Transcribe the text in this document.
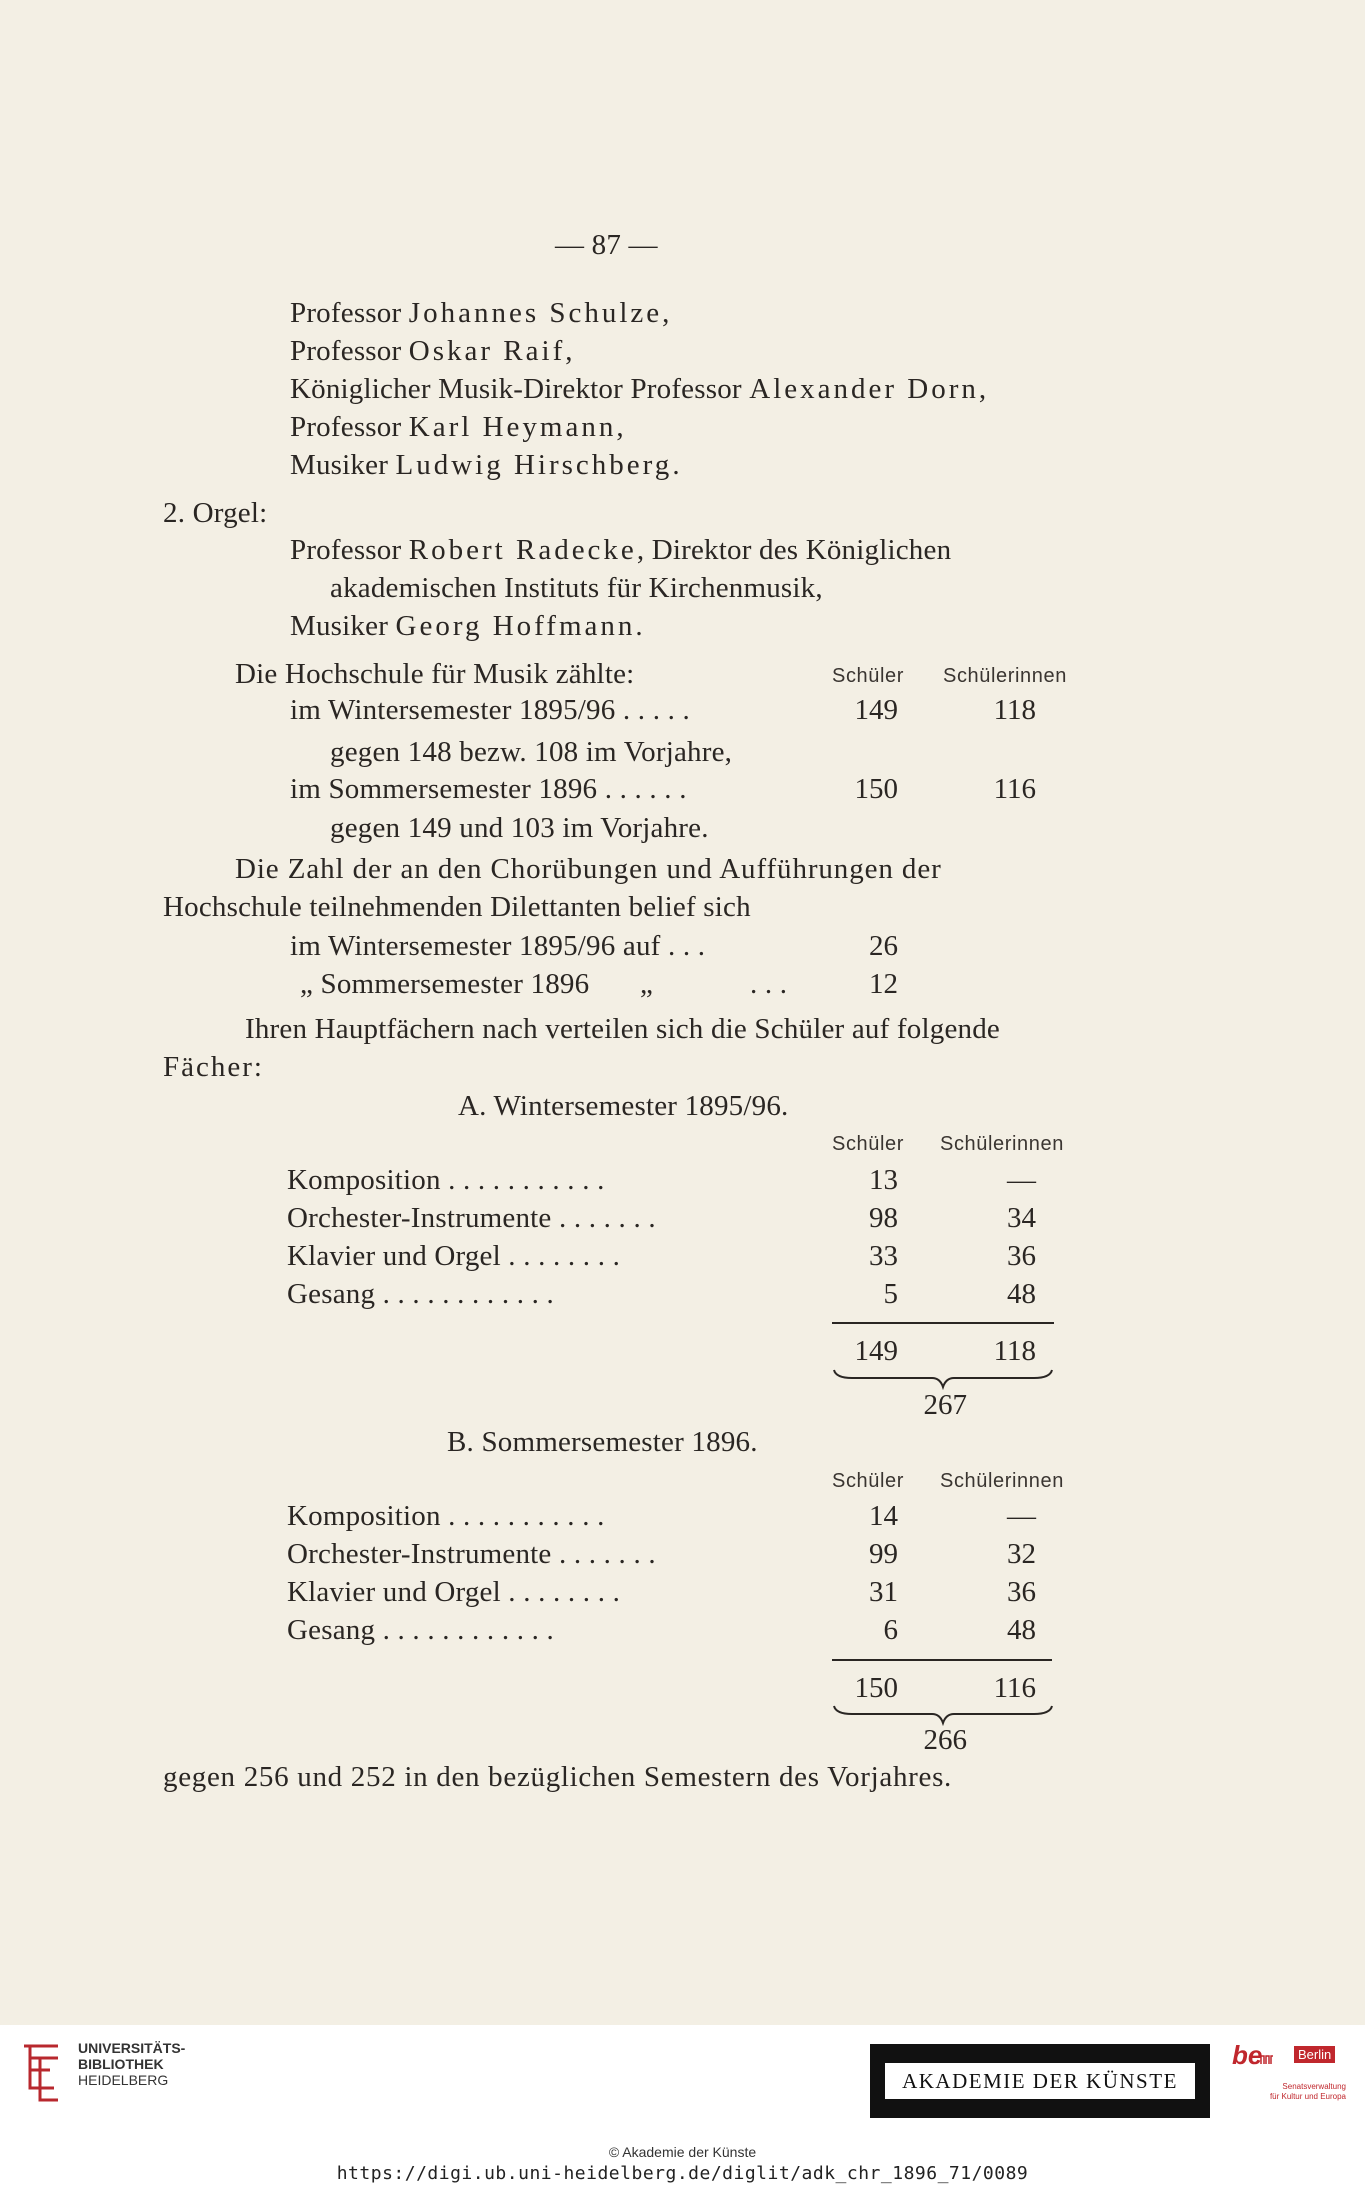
— 87 —
Professor Johannes Schulze,
Professor Oskar Raif,
Königlicher Musik-Direktor Professor Alexander Dorn,
Professor Karl Heymann,
Musiker Ludwig Hirschberg.
2. Orgel:
Professor Robert Radecke, Direktor des Königlichen
akademischen Instituts für Kirchenmusik,
Musiker Georg Hoffmann.
Die Hochschule für Musik zählte:	Schüler Schülerinnen
im Wintersemester 1895/96 . . . . .	149	118
gegen 148 bezw. 108 im Vorjahre,
im Sommersemester 1896 . . . . . .	150	116
gegen 149 und 103 im Vorjahre.
Die Zahl der an den Chorübungen und Aufführungen der
Hochschule teilnehmenden Dilettanten belief sich
im Wintersemester 1895/96 auf . . .	26
„ Sommersemester 1896 „	. . .	12
Ihren Hauptfächern nach verteilen sich die Schüler auf folgende
Fächer:
A. Wintersemester 1895/96.
Schüler Schülerinnen
Komposition . . . . . . . . . . .	13	—
Orchester-Instrumente . . . . . . .	98	34
Klavier und Orgel . . . . . . . .	33	36
Gesang . . . . . . . . . . . .	5	48
149	118
267
B. Sommersemester 1896.
Schüler Schülerinnen
Komposition . . . . . . . . . . .	14	—
Orchester-Instrumente . . . . . . .	99	32
Klavier und Orgel . . . . . . . .	31	36
Gesang . . . . . . . . . . . .	6	48
150	116
266
gegen 256 und 252 in den bezüglichen Semestern des Vorjahres.
UNIVERSITÄTS-
BIBLIOTHEK
HEIDELBERG	AKADEMIE DER KÜNSTE
be	Berlin
Senatsverwaltung
für Kultur und Europa
© Akademie der Künste
https://digi.ub.uni-heidelberg.de/diglit/adk_chr_1896_71/0089
